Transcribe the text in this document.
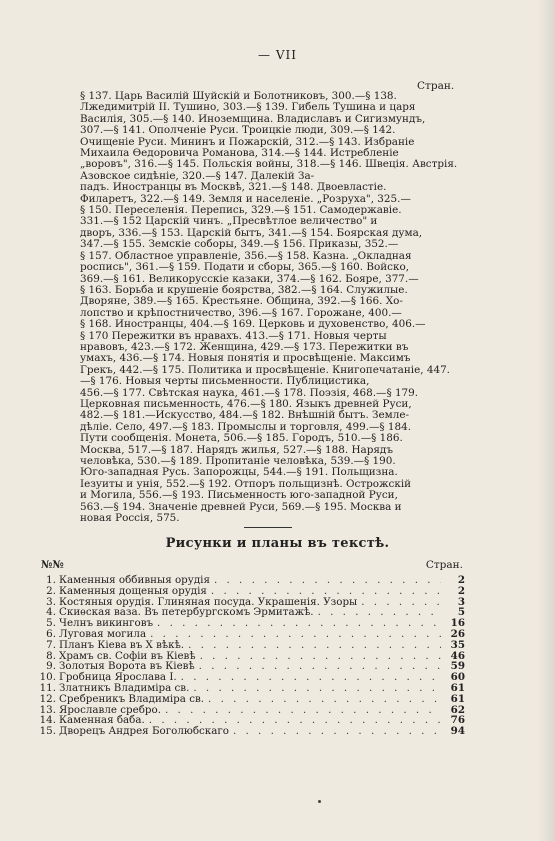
— VII
Стран.
§ 137. Царь Василій Шуйскій и Болотниковъ, 300.—§ 138.
Лжедимитрій II. Тушино, 303.—§ 139. Гибель Тушина и царя
Василія, 305.—§ 140. Иноземщина. Владиславъ и Сигизмундъ,
307.—§ 141. Ополченіе Руси. Троицкіе люди, 309.—§ 142.
Очищеніе Руси. Мининъ и Пожарскій, 312.—§ 143. Избраніе
Михаила Ѳедоровича Романова, 314.—§ 144. Истребленіе
„воровъ", 316.—§ 145. Польскія войны, 318.—§ 146. Швеція. Австрія. Азовское сидѣніе, 320.—§ 147. Далекій За-
падъ. Иностранцы въ Москвѣ, 321.—§ 148. Двоевластіе.
Филаретъ, 322.—§ 149. Земля и населеніе. „Розруха", 325.—
§ 150. Переселенія. Перепись, 329.—§ 151. Самодержавіе.
331.—§ 152 Царскій чинъ. „Пресвѣтлое величество" и
дворъ, 336.—§ 153. Царскій бытъ, 341.—§ 154. Боярская дума,
347.—§ 155. Земскіе соборы, 349.—§ 156. Приказы, 352.—
§ 157. Областное управленіе, 356.—§ 158. Казна. „Окладная
роспись", 361.—§ 159. Подати и сборы, 365.—§ 160. Войско,
369.—§ 161. Великорусскіе казаки, 374.—§ 162. Бояре, 377.—
§ 163. Борьба и крушеніе боярства, 382.—§ 164. Служилые.
Дворяне, 389.—§ 165. Крестьяне. Община, 392.—§ 166. Хо-
лопство и крѣпостничество, 396.—§ 167. Горожане, 400.—
§ 168. Иностранцы, 404.—§ 169. Церковь и духовенство, 406.—
§ 170 Пережитки въ нравахъ. 413.—§ 171. Новыя черты
нравовъ, 423.—§ 172. Женщина, 429.—§ 173. Пережитки въ
умахъ, 436.—§ 174. Новыя понятія и просвѣщеніе. Максимъ
Грекъ, 442.—§ 175. Политика и просвѣщеніе. Книгопечатаніе, 447.—§ 176. Новыя черты письменности. Публицистика,
456.—§ 177. Свѣтская наука, 461.—§ 178. Поэзія, 468.—§ 179.
Церковная письменность, 476.—§ 180. Языкъ древней Руси,
482.—§ 181.—Искусство, 484.—§ 182. Внѣшній бытъ. Земле-
дѣліе. Село, 497.—§ 183. Промыслы и торговля, 499.—§ 184.
Пути сообщенія. Монета, 506.—§ 185. Городъ, 510.—§ 186.
Москва, 517.—§ 187. Нарядъ жилья, 527.—§ 188. Нарядъ
человѣка, 530.—§ 189. Пропитаніе человѣка, 539.—§ 190.
Юго-западная Русь. Запорожцы, 544.—§ 191. Польщизна.
Іезуиты и унія, 552.—§ 192. Отпоръ польщизнѣ. Острожскій
и Могила, 556.—§ 193. Письменность юго-западной Руси,
563.—§ 194. Значеніе древней Руси, 569.—§ 195. Москва и
новая Россія, 575.
Рисунки и планы въ текстѣ.
№№	Стран.
1. Каменныя оббивныя орудія . . .	2
2. Каменныя дощеныя орудія . . .	2
3. Костяныя орудія. Глиняная посуда. Украшенія. Узоры . . .	3
4. Скиѳская ваза. Въ петербургскомъ Эрмитажѣ. . . .	5
5. Челнъ викинговъ . . .	16
6. Луговая могила . . .	26
7. Планъ Кіева въ X вѣкѣ. . . .	35
8. Храмъ св. Софіи въ Кіевѣ . . .	46
9. Золотыя Ворота въ Кіевѣ . . .	59
10. Гробница Ярослава I. . . .	60
11. Златникъ Владиміра св. . . .	61
12. Сребреникъ Владиміра св. . . .	61
13. Ярославле сребро. . . .	62
14. Каменная баба. . . .	76
15. Дворецъ Андрея Боголюбскаго . . .	94
